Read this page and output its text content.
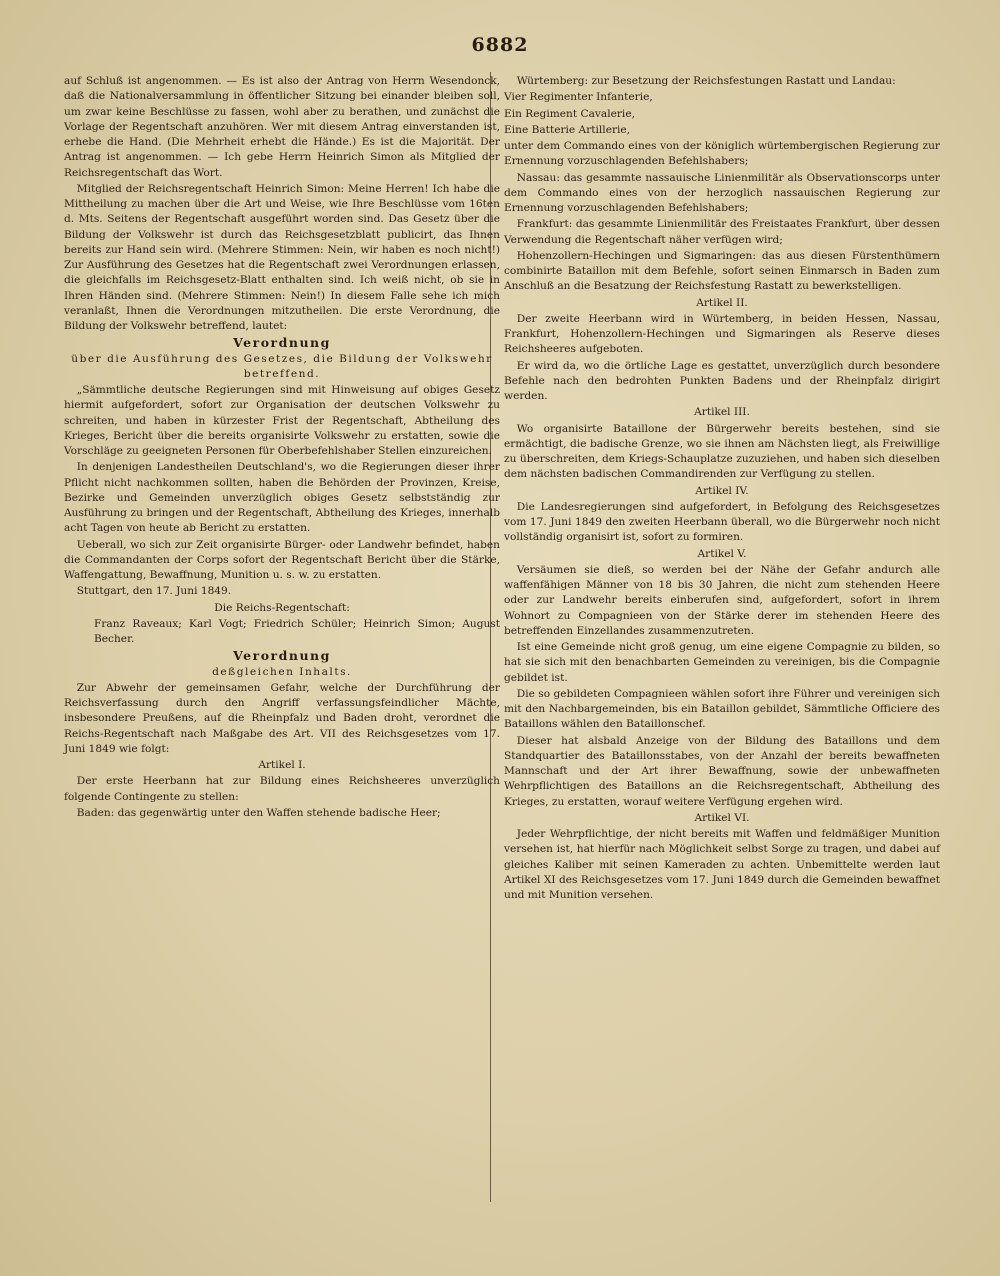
6882

auf Schluß ist angenommen. — Es ist also der Antrag von Herrn Wesendonck, daß die Nationalversammlung in öffentlicher Sitzung bei einander bleiben soll, um zwar keine Beschlüsse zu fassen, wohl aber zu berathen, und zunächst die Vorlage der Regentschaft anzuhören. Wer mit diesem Antrag einverstanden ist, erhebe die Hand. (Die Mehrheit erhebt die Hände.) Es ist die Majorität. Der Antrag ist angenommen. — Ich gebe Herrn Heinrich Simon als Mitglied der Reichsregentschaft das Wort.

Mitglied der Reichsregentschaft Heinrich Simon: Meine Herren! Ich habe die Mittheilung zu machen über die Art und Weise, wie Ihre Beschlüsse vom 16ten d. Mts. Seitens der Regentschaft ausgeführt worden sind. Das Gesetz über die Bildung der Volkswehr ist durch das Reichsgesetzblatt publicirt, das Ihnen bereits zur Hand sein wird. (Mehrere Stimmen: Nein, wir haben es noch nicht!) Zur Ausführung des Gesetzes hat die Regentschaft zwei Verordnungen erlassen, die gleichfalls im Reichsgesetz-Blatt enthalten sind. Ich weiß nicht, ob sie in Ihren Händen sind. (Mehrere Stimmen: Nein!) In diesem Falle sehe ich mich veranlaßt, Ihnen die Verordnungen mitzutheilen. Die erste Verordnung, die Bildung der Volkswehr betreffend, lautet:

Verordnung

über die Ausführung des Gesetzes, die Bildung der Volkswehr betreffend.

„Sämmtliche deutsche Regierungen sind mit Hinweisung auf obiges Gesetz hiermit aufgefordert, sofort zur Organisation der deutschen Volkswehr zu schreiten, und haben in kürzester Frist der Regentschaft, Abtheilung des Krieges, Bericht über die bereits organisirte Volkswehr zu erstatten, sowie die Vorschläge zu geeigneten Personen für Oberbefehlshaber Stellen einzureichen.

In denjenigen Landestheilen Deutschland's, wo die Regierungen dieser ihrer Pflicht nicht nachkommen sollten, haben die Behörden der Provinzen, Kreise, Bezirke und Gemeinden unverzüglich obiges Gesetz selbstständig zur Ausführung zu bringen und der Regentschaft, Abtheilung des Krieges, innerhalb acht Tagen von heute ab Bericht zu erstatten.

Ueberall, wo sich zur Zeit organisirte Bürger- oder Landwehr befindet, haben die Commandanten der Corps sofort der Regentschaft Bericht über die Stärke, Waffengattung, Bewaffnung, Munition u. s. w. zu erstatten.

Stuttgart, den 17. Juni 1849.

Die Reichs-Regentschaft:

Franz Raveaux; Karl Vogt; Friedrich Schüler; Heinrich Simon; August Becher.

Verordnung

deßgleichen Inhalts.

Zur Abwehr der gemeinsamen Gefahr, welche der Durchführung der Reichsverfassung durch den Angriff verfassungsfeindlicher Mächte, insbesondere Preußens, auf die Rheinpfalz und Baden droht, verordnet die Reichs-Regentschaft nach Maßgabe des Art. VII des Reichsgesetzes vom 17. Juni 1849 wie folgt:

Artikel I.

Der erste Heerbann hat zur Bildung eines Reichsheeres unverzüglich folgende Contingente zu stellen:

Baden: das gegenwärtig unter den Waffen stehende badische Heer;

Würtemberg: zur Besetzung der Reichsfestungen Rastatt und Landau:

Vier Regimenter Infanterie,

Ein Regiment Cavalerie,

Eine Batterie Artillerie,

unter dem Commando eines von der königlich würtembergischen Regierung zur Ernennung vorzuschlagenden Befehlshabers;

Nassau: das gesammte nassauische Linienmilitär als Observationscorps unter dem Commando eines von der herzoglich nassauischen Regierung zur Ernennung vorzuschlagenden Befehlshabers;

Frankfurt: das gesammte Linienmilitär des Freistaates Frankfurt, über dessen Verwendung die Regentschaft näher verfügen wird;

Hohenzollern-Hechingen und Sigmaringen: das aus diesen Fürstenthümern combinirte Bataillon mit dem Befehle, sofort seinen Einmarsch in Baden zum Anschluß an die Besatzung der Reichsfestung Rastatt zu bewerkstelligen.

Artikel II.

Der zweite Heerbann wird in Würtemberg, in beiden Hessen, Nassau, Frankfurt, Hohenzollern-Hechingen und Sigmaringen als Reserve dieses Reichsheeres aufgeboten.

Er wird da, wo die örtliche Lage es gestattet, unverzüglich durch besondere Befehle nach den bedrohten Punkten Badens und der Rheinpfalz dirigirt werden.

Artikel III.

Wo organisirte Bataillone der Bürgerwehr bereits bestehen, sind sie ermächtigt, die badische Grenze, wo sie ihnen am Nächsten liegt, als Freiwillige zu überschreiten, dem Kriegs-Schauplatze zuzuziehen, und haben sich dieselben dem nächsten badischen Commandirenden zur Verfügung zu stellen.

Artikel IV.

Die Landesregierungen sind aufgefordert, in Befolgung des Reichsgesetzes vom 17. Juni 1849 den zweiten Heerbann überall, wo die Bürgerwehr noch nicht vollständig organisirt ist, sofort zu formiren.

Artikel V.

Versäumen sie dieß, so werden bei der Nähe der Gefahr andurch alle waffenfähigen Männer von 18 bis 30 Jahren, die nicht zum stehenden Heere oder zur Landwehr bereits einberufen sind, aufgefordert, sofort in ihrem Wohnort zu Compagnieen von der Stärke derer im stehenden Heere des betreffenden Einzellandes zusammenzutreten.

Ist eine Gemeinde nicht groß genug, um eine eigene Compagnie zu bilden, so hat sie sich mit den benachbarten Gemeinden zu vereinigen, bis die Compagnie gebildet ist.

Die so gebildeten Compagnieen wählen sofort ihre Führer und vereinigen sich mit den Nachbargemeinden, bis ein Bataillon gebildet, Sämmtliche Officiere des Bataillons wählen den Bataillonschef.

Dieser hat alsbald Anzeige von der Bildung des Bataillons und dem Standquartier des Bataillonsstabes, von der Anzahl der bereits bewaffneten Mannschaft und der Art ihrer Bewaffnung, sowie der unbewaffneten Wehrpflichtigen des Bataillons an die Reichsregentschaft, Abtheilung des Krieges, zu erstatten, worauf weitere Verfügung ergehen wird.

Artikel VI.

Jeder Wehrpflichtige, der nicht bereits mit Waffen und feldmäßiger Munition versehen ist, hat hierfür nach Möglichkeit selbst Sorge zu tragen, und dabei auf gleiches Kaliber mit seinen Kameraden zu achten. Unbemittelte werden laut Artikel XI des Reichsgesetzes vom 17. Juni 1849 durch die Gemeinden bewaffnet und mit Munition versehen.
